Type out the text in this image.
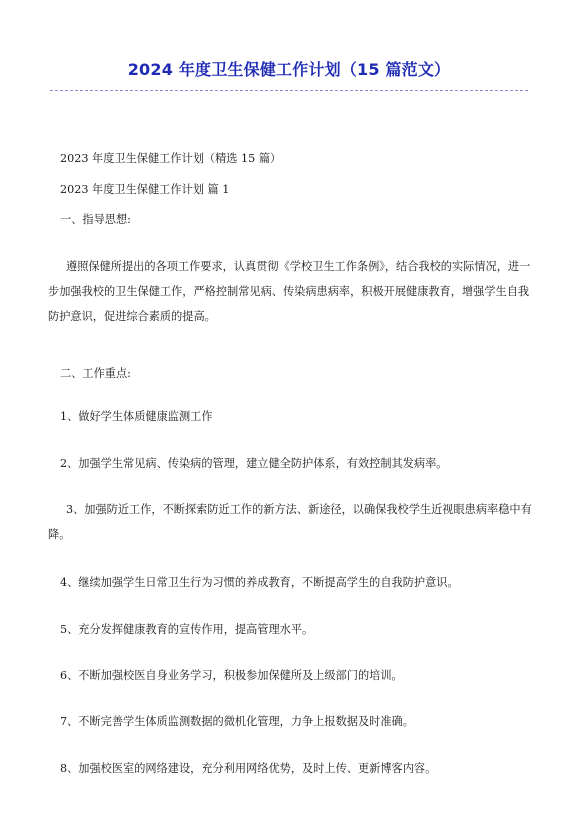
2024 年度卫生保健工作计划（15 篇范文）
2023 年度卫生保健工作计划（精选 15 篇）
2023 年度卫生保健工作计划 篇 1
一、指导思想:
遵照保健所提出的各项工作要求，认真贯彻《学校卫生工作条例》，结合我校的实际情况，进一步加强我校的卫生保健工作，严格控制常见病、传染病患病率，积极开展健康教育，增强学生自我防护意识，促进综合素质的提高。
二、工作重点:
1、做好学生体质健康监测工作
2、加强学生常见病、传染病的管理，建立健全防护体系，有效控制其发病率。
3、加强防近工作，不断探索防近工作的新方法、新途径，以确保我校学生近视眼患病率稳中有降。
4、继续加强学生日常卫生行为习惯的养成教育，不断提高学生的自我防护意识。
5、充分发挥健康教育的宣传作用，提高管理水平。
6、不断加强校医自身业务学习，积极参加保健所及上级部门的培训。
7、不断完善学生体质监测数据的微机化管理，力争上报数据及时准确。
8、加强校医室的网络建设，充分利用网络优势，及时上传、更新博客内容。
